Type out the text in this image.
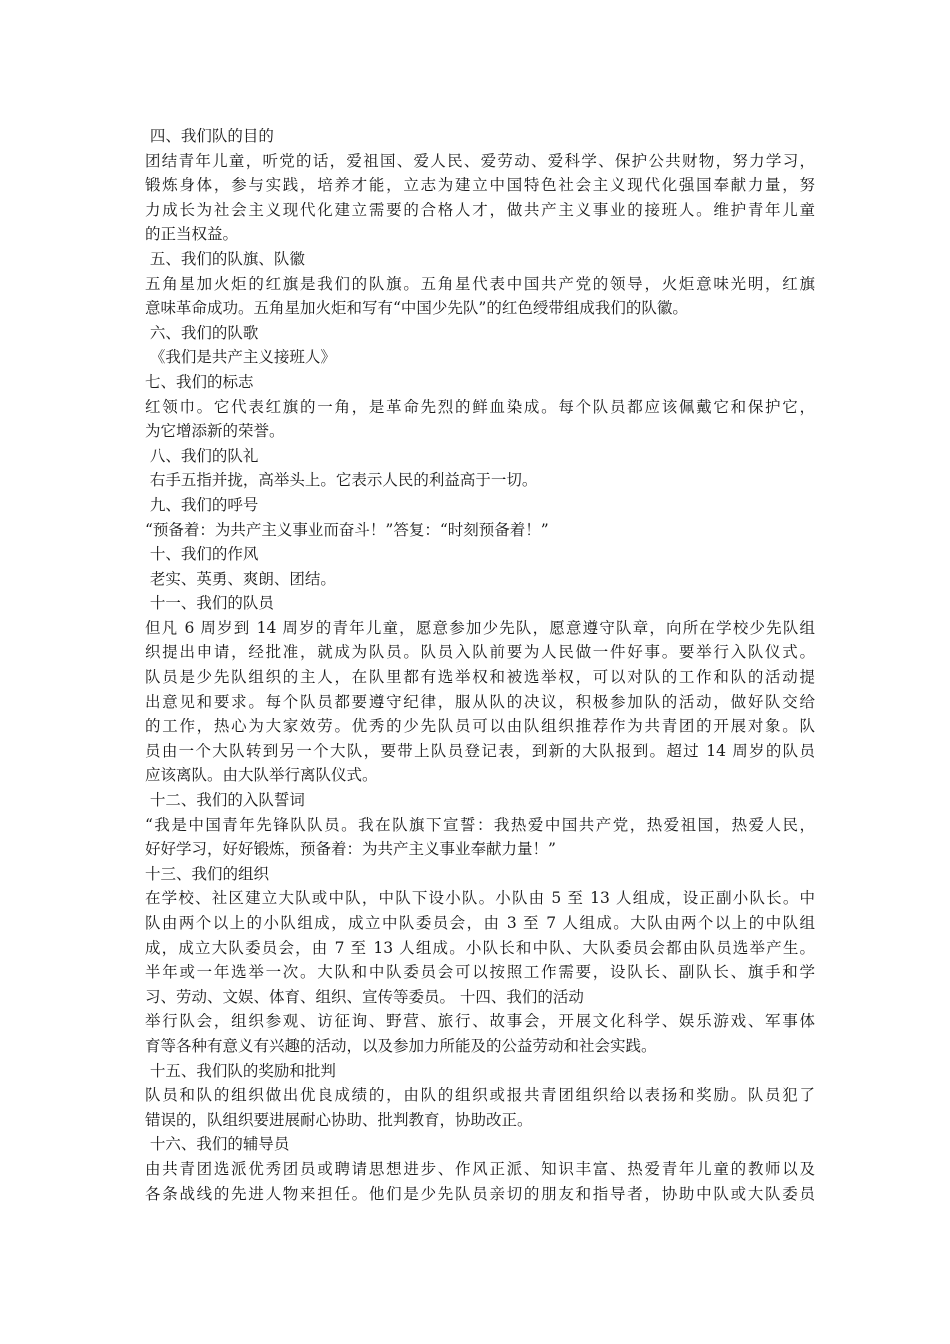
四、我们队的目的
团结青年儿童，听党的话，爱祖国、爱人民、爱劳动、爱科学、保护公共财物，努力学习，
锻炼身体，参与实践，培养才能，立志为建立中国特色社会主义现代化强国奉献力量，努
力成长为社会主义现代化建立需要的合格人才，做共产主义事业的接班人。维护青年儿童
的正当权益。
五、我们的队旗、队徽
五角星加火炬的红旗是我们的队旗。五角星代表中国共产党的领导，火炬意味光明，红旗
意味革命成功。五角星加火炬和写有“中国少先队”的红色绶带组成我们的队徽。
六、我们的队歌
《我们是共产主义接班人》
七、我们的标志
红领巾。它代表红旗的一角，是革命先烈的鲜血染成。每个队员都应该佩戴它和保护它，
为它增添新的荣誉。
八、我们的队礼
右手五指并拢，高举头上。它表示人民的利益高于一切。
九、我们的呼号
“预备着：为共产主义事业而奋斗！”答复：“时刻预备着！”
十、我们的作风
老实、英勇、爽朗、团结。
十一、我们的队员
但凡 6 周岁到 14 周岁的青年儿童，愿意参加少先队，愿意遵守队章，向所在学校少先队组
织提出申请，经批准，就成为队员。队员入队前要为人民做一件好事。要举行入队仪式。
队员是少先队组织的主人，在队里都有选举权和被选举权，可以对队的工作和队的活动提
出意见和要求。每个队员都要遵守纪律，服从队的决议，积极参加队的活动，做好队交给
的工作，热心为大家效劳。优秀的少先队员可以由队组织推荐作为共青团的开展对象。队
员由一个大队转到另一个大队，要带上队员登记表，到新的大队报到。超过 14 周岁的队员
应该离队。由大队举行离队仪式。
十二、我们的入队誓词
“我是中国青年先锋队队员。我在队旗下宣誓：我热爱中国共产党，热爱祖国，热爱人民，
好好学习，好好锻炼，预备着：为共产主义事业奉献力量！”
十三、我们的组织
在学校、社区建立大队或中队，中队下设小队。小队由 5 至 13 人组成，设正副小队长。中
队由两个以上的小队组成，成立中队委员会，由 3 至 7 人组成。大队由两个以上的中队组
成，成立大队委员会，由 7 至 13 人组成。小队长和中队、大队委员会都由队员选举产生。
半年或一年选举一次。大队和中队委员会可以按照工作需要，设队长、副队长、旗手和学
习、劳动、文娱、体育、组织、宣传等委员。 十四、我们的活动
举行队会，组织参观、访征询、野营、旅行、故事会，开展文化科学、娱乐游戏、军事体
育等各种有意义有兴趣的活动，以及参加力所能及的公益劳动和社会实践。
十五、我们队的奖励和批判
队员和队的组织做出优良成绩的，由队的组织或报共青团组织给以表扬和奖励。队员犯了
错误的，队组织要进展耐心协助、批判教育，协助改正。
十六、我们的辅导员
由共青团选派优秀团员或聘请思想进步、作风正派、知识丰富、热爱青年儿童的教师以及
各条战线的先进人物来担任。他们是少先队员亲切的朋友和指导者，协助中队或大队委员
